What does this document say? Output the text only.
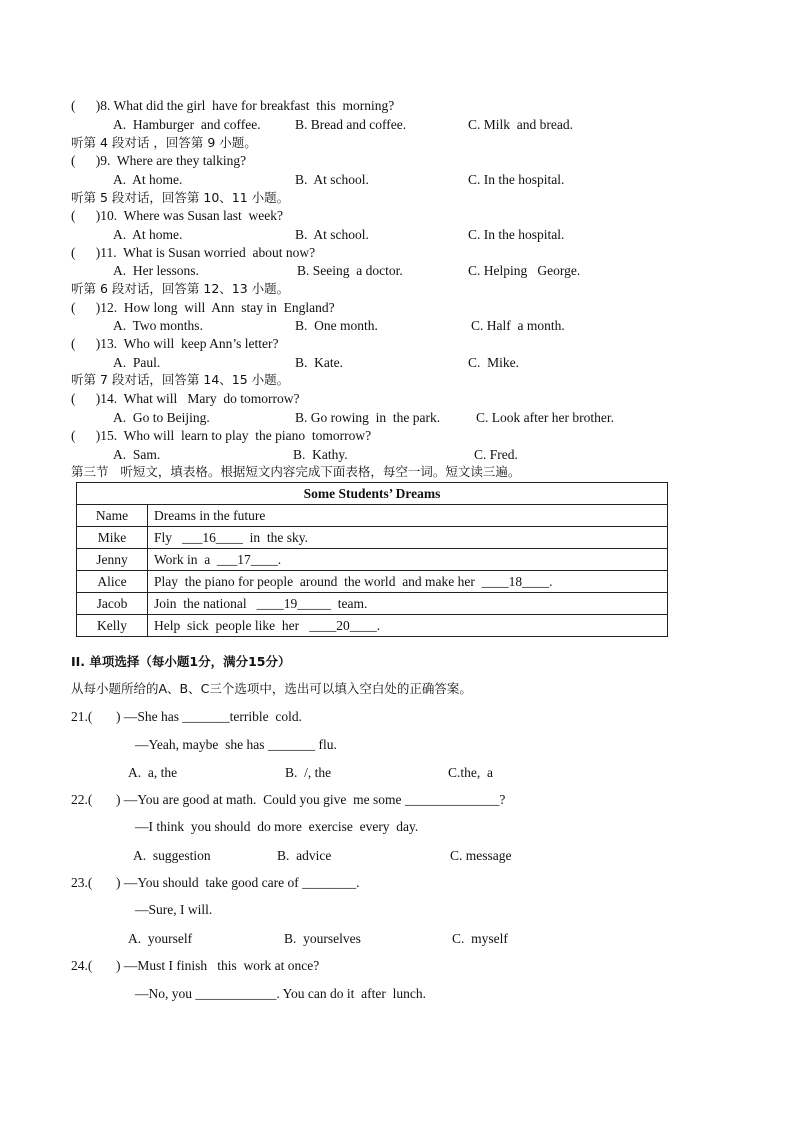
(      )8. What did the girl  have for breakfast  this  morning?
A.  Hamburger  and coffee.	B. Bread and coffee.	C. Milk  and bread.
听第 4 段对话 ，回答第 9 小题。
(      )9.  Where are they talking?
A.  At home.	B.  At school.	C. In the hospital.
听第 5 段对话，回答第 10、11 小题。
(      )10.  Where was Susan last  week?
A.  At home.	B.  At school.	C. In the hospital.
(      )11.  What is Susan worried  about now?
A.  Her lessons.	B. Seeing  a doctor.	C. Helping   George.
听第 6 段对话，回答第 12、13 小题。
(      )12.  How long  will  Ann  stay in  England?
A.  Two months.	B.  One month.	C. Half  a month.
(      )13.  Who will  keep Ann’s letter?
A.  Paul.	B.  Kate.	C.  Mike.
听第 7 段对话，回答第 14、15 小题。
(      )14.  What will   Mary  do tomorrow?
A.  Go to Beijing.	B. Go rowing  in  the park.	C. Look after her brother.
(      )15.  Who will  learn to play  the piano  tomorrow?
A.  Sam.	B.  Kathy.	C. Fred.
第三节   听短文，填表格。根据短文内容完成下面表格，每空一词。短文读三遍。
Some Students’ Dreams	
Name	Dreams in the future
Mike	Fly   ___16____  in  the sky.
Jenny	Work in  a  ___17____.
Alice	Play  the piano for people  around  the world  and make her  ____18____.
Jacob	Join  the national   ____19_____  team.
Kelly	Help  sick  people like  her   ____20____.
II. 单项选择（每小题1分，满分15分）
从每小题所给的A、B、C三个选项中，选出可以填入空白处的正确答案。
21.(       ) —She has _______terrible  cold.
—Yeah, maybe  she has _______ flu.
A.  a, the	B.  /, the	C.the,  a
22.(       ) —You are good at math.  Could you give  me some ______________?
—I think  you should  do more  exercise  every  day.
A.  suggestion	B.  advice	C. message
23.(       ) —You should  take good care of ________.
—Sure, I will.
A.  yourself	B.  yourselves	C.  myself
24.(       ) —Must I finish   this  work at once?
—No, you ____________. You can do it  after  lunch.
